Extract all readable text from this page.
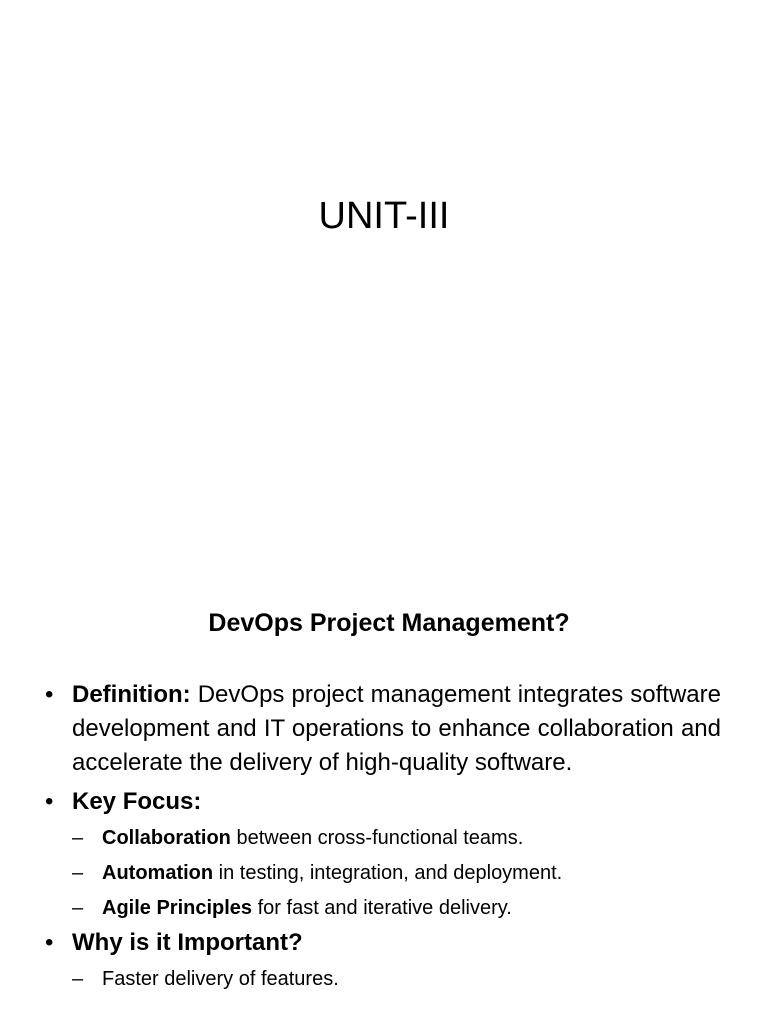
UNIT-III
DevOps Project Management?
• Definition: DevOps project management integrates software development and IT operations to enhance collaboration and accelerate the delivery of high-quality software.
• Key Focus:
– Collaboration between cross-functional teams.
– Automation in testing, integration, and deployment.
– Agile Principles for fast and iterative delivery.
• Why is it Important?
– Faster delivery of features.
